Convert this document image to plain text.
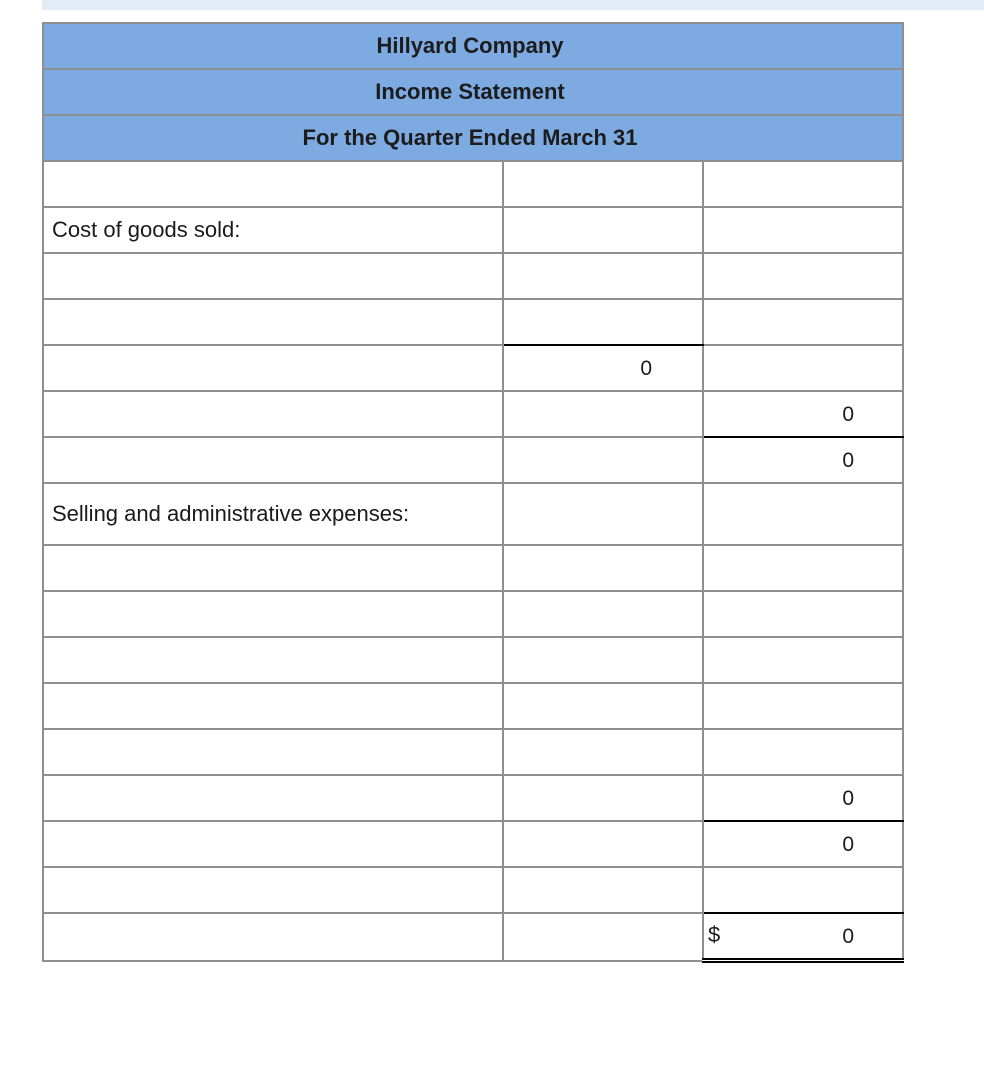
Hillyard Company		
Income Statement		
For the Quarter Ended March 31		

Cost of goods sold:		

	0	
		0
		0
Selling and administrative expenses:		

		0
		0

		$ 0
